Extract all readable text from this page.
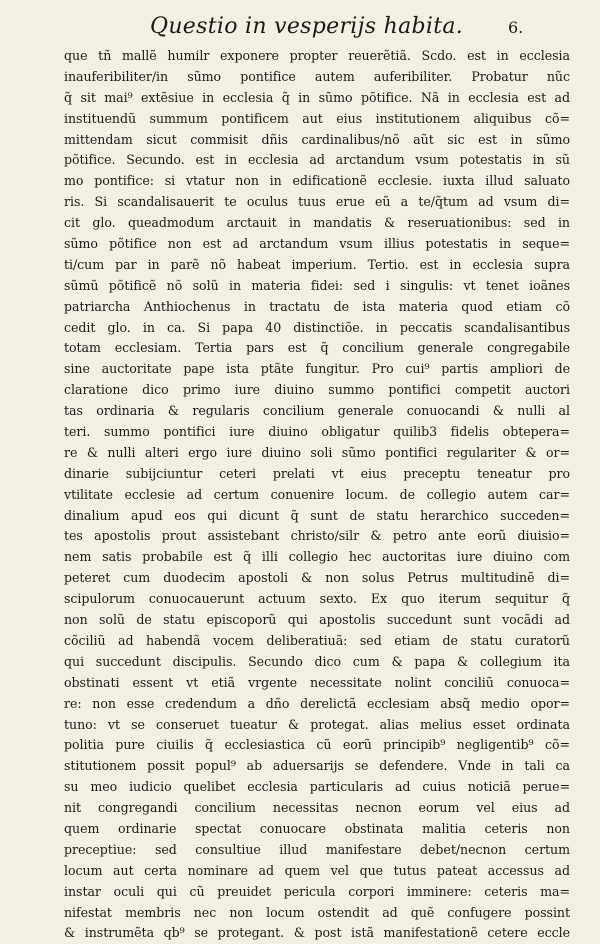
Questio in vesperijs habita.	6.
que tñ mallẽ humilr exponere propter reuerẽtiã. Scdo. est in ecclesia
inauferibiliter/in sũmo pontifice autem auferibiliter. Probatur nũc
q̃ sit mai⁹ extẽsiue in ecclesia q̃ in sũmo põtifice. Nã in ecclesia est ad
instituendũ summum pontificem aut eius institutionem aliquibus cõ=
mittendam sicut commisit dñis cardinalibus/nõ aũt sic est in sũmo
põtifice. Secundo. est in ecclesia ad arctandum vsum potestatis in sũ
mo pontifice: si vtatur non in edificationẽ ecclesie. iuxta illud saluato
ris. Si scandalisauerit te oculus tuus erue eũ a te/q̃tum ad vsum di=
cit glo. queadmodum arctauit in mandatis & reseruationibus: sed in
sũmo põtifice non est ad arctandum vsum illius potestatis in seque=
ti/cum par in parẽ nõ habeat imperium. Tertio. est in ecclesia supra
sũmũ põtificẽ nõ solũ in materia fidei: sed i singulis: vt tenet ioãnes
patriarcha Anthiochenus in tractatu de ista materia quod etiam cõ
cedit glo. in ca. Si papa 40 distinctiõe. in peccatis scandalisantibus
totam ecclesiam. Tertia pars est q̃ concilium generale congregabile
sine auctoritate pape ista ptãte fungitur. Pro cui⁹ partis ampliori de
claratione dico primo iure diuino summo pontifici competit auctori
tas ordinaria & regularis concilium generale conuocandi & nulli al
teri. summo pontifici iure diuino obligatur quilib3 fidelis obtepera=
re & nulli alteri ergo iure diuino soli sũmo pontifici regulariter & or=
dinarie subijciuntur ceteri prelati vt eius preceptu teneatur pro
vtilitate ecclesie ad certum conuenire locum. de collegio autem car=
dinalium apud eos qui dicunt q̃ sunt de statu herarchico succeden=
tes apostolis prout assistebant christo/silr & petro ante eorũ diuisio=
nem satis probabile est q̃ illi collegio hec auctoritas iure diuino com
peteret cum duodecim apostoli & non solus Petrus multitudinẽ di=
scipulorum conuocauerunt actuum sexto. Ex quo iterum sequitur q̃
non solũ de statu episcoporũ qui apostolis succedunt sunt vocãdi ad
cõciliũ ad habendã vocem deliberatiuã: sed etiam de statu curatorũ
qui succedunt discipulis. Secundo dico cum & papa & collegium ita
obstinati essent vt etiã vrgente necessitate nolint conciliũ conuoca=
re: non esse credendum a dño derelictã ecclesiam absq̃ medio opor=
tuno: vt se conseruet tueatur & protegat. alias melius esset ordinata
politia pure ciuilis q̃ ecclesiastica cũ eorũ principib⁹ negligentib⁹ cõ=
stitutionem possit popul⁹ ab aduersarijs se defendere. Vnde in tali ca
su meo iudicio quelibet ecclesia particularis ad cuius noticiã perue=
nit congregandi concilium necessitas necnon eorum vel eius ad
quem ordinarie spectat conuocare obstinata malitia ceteris non
preceptiue: sed consultiue illud manifestare debet/necnon certum
locum aut certa nominare ad quem vel que tutus pateat accessus ad
instar oculi qui cũ preuidet pericula corpori imminere: ceteris ma=
nifestat membris nec non locum ostendit ad quẽ confugere possint
& instrumẽta qb⁹ se protegant. & post istã manifestationẽ cetere eccle
